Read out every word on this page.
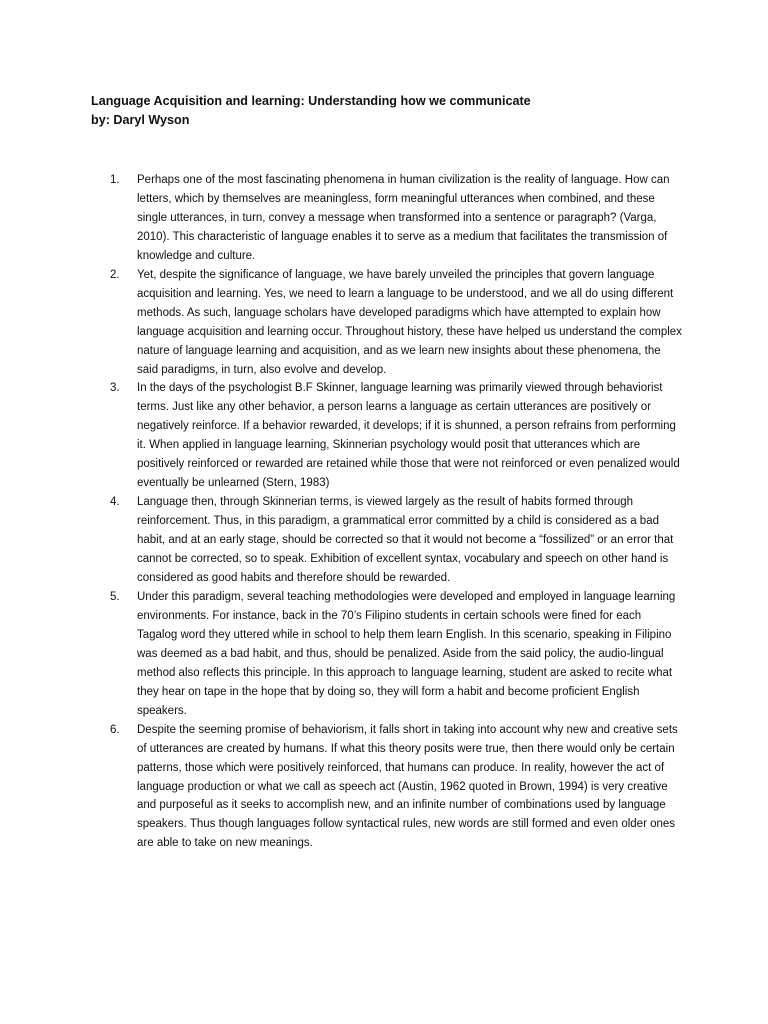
Language Acquisition and learning: Understanding how we communicate
by: Daryl Wyson
1. Perhaps one of the most fascinating phenomena in human civilization is the reality of language. How can letters, which by themselves are meaningless, form meaningful utterances when combined, and these single utterances, in turn, convey a message when transformed into a sentence or paragraph? (Varga, 2010). This characteristic of language enables it to serve as a medium that facilitates the transmission of knowledge and culture.
2. Yet, despite the significance of language, we have barely unveiled the principles that govern language acquisition and learning. Yes, we need to learn a language to be understood, and we all do using different methods. As such, language scholars have developed paradigms which have attempted to explain how language acquisition and learning occur. Throughout history, these have helped us understand the complex nature of language learning and acquisition, and as we learn new insights about these phenomena, the said paradigms, in turn, also evolve and develop.
3. In the days of the psychologist B.F Skinner, language learning was primarily viewed through behaviorist terms. Just like any other behavior, a person learns a language as certain utterances are positively or negatively reinforce. If a behavior rewarded, it develops; if it is shunned, a person refrains from performing it. When applied in language learning, Skinnerian psychology would posit that utterances which are positively reinforced or rewarded are retained while those that were not reinforced or even penalized would eventually be unlearned (Stern, 1983)
4. Language then, through Skinnerian terms, is viewed largely as the result of habits formed through reinforcement. Thus, in this paradigm, a grammatical error committed by a child is considered as a bad habit, and at an early stage, should be corrected so that it would not become a “fossilized” or an error that cannot be corrected, so to speak. Exhibition of excellent syntax, vocabulary and speech on other hand is considered as good habits and therefore should be rewarded.
5. Under this paradigm, several teaching methodologies were developed and employed in language learning environments. For instance, back in the 70’s Filipino students in certain schools were fined for each Tagalog word they uttered while in school to help them learn English. In this scenario, speaking in Filipino was deemed as a bad habit, and thus, should be penalized. Aside from the said policy, the audio-lingual method also reflects this principle. In this approach to language learning, student are asked to recite what they hear on tape in the hope that by doing so, they will form a habit and become proficient English speakers.
6. Despite the seeming promise of behaviorism, it falls short in taking into account why new and creative sets of utterances are created by humans. If what this theory posits were true, then there would only be certain patterns, those which were positively reinforced, that humans can produce. In reality, however the act of language production or what we call as speech act (Austin, 1962 quoted in Brown, 1994) is very creative and purposeful as it seeks to accomplish new, and an infinite number of combinations used by language speakers. Thus though languages follow syntactical rules, new words are still formed and even older ones are able to take on new meanings.
